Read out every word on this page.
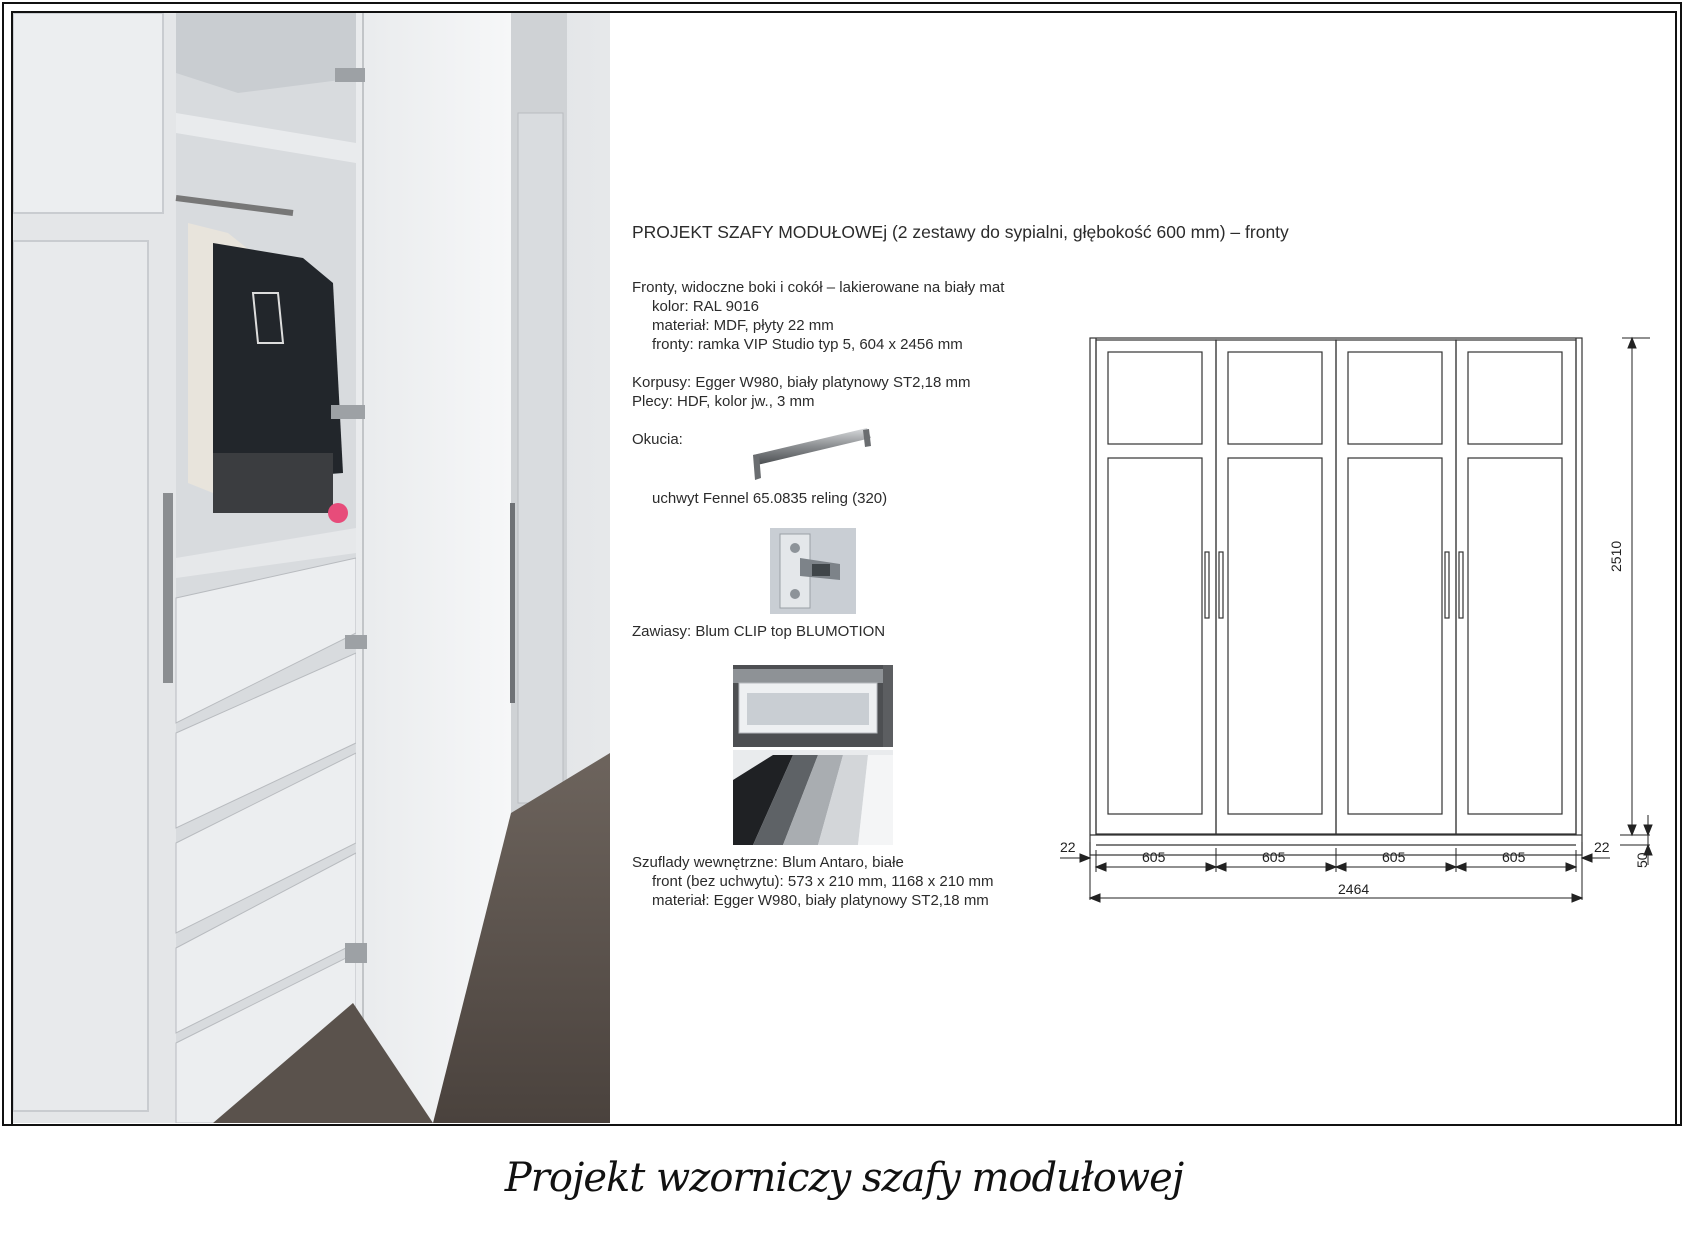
PROJEKT SZAFY MODUŁOWEj (2 zestawy do sypialni, głębokość 600 mm) – fronty
Fronty, widoczne boki i cokół – lakierowane na biały mat
kolor: RAL 9016
materiał: MDF, płyty 22 mm
fronty: ramka VIP Studio typ 5, 604 x 2456 mm
Korpusy: Egger W980, biały platynowy ST2,18 mm
Plecy: HDF, kolor jw., 3 mm
Okucia:
uchwyt Fennel 65.0835 reling (320)
Zawiasy: Blum CLIP top BLUMOTION
Szuflady wewnętrzne: Blum Antaro, białe
front (bez uchwytu): 573 x 210 mm, 1168 x 210 mm
materiał: Egger W980, biały platynowy ST2,18 mm
2510
50
22	22
605	605	605	605
2464
Projekt wzorniczy szafy modułowej
